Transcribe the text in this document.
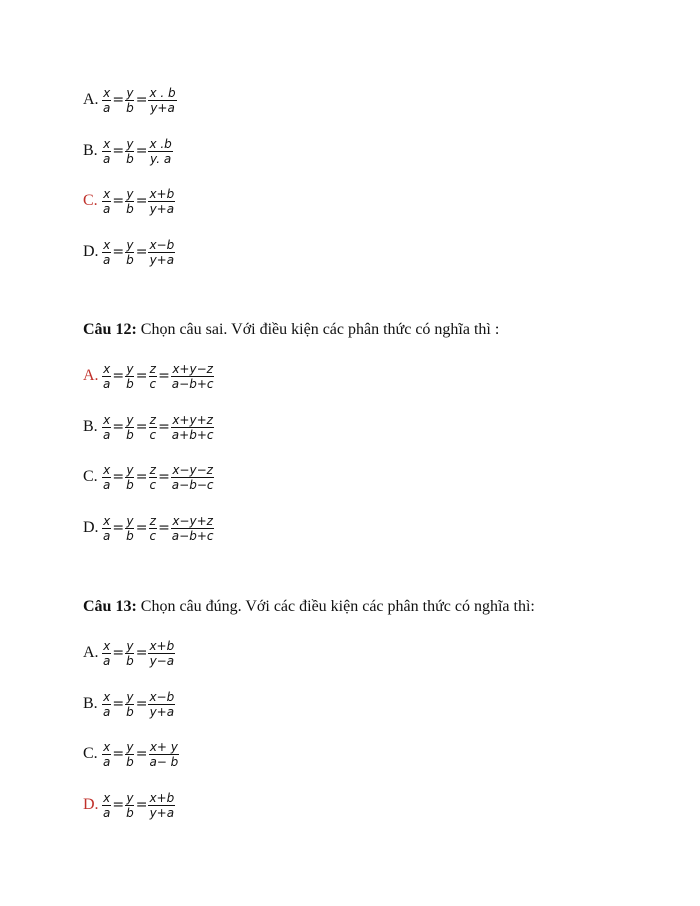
A. $\frac{x}{a} = \frac{y}{b} = \frac{x . b}{y+a}$
B. $\frac{x}{a} = \frac{y}{b} = \frac{x .b}{y. a}$
C. $\frac{x}{a} = \frac{y}{b} = \frac{x+b}{y+a}$
D. $\frac{x}{a} = \frac{y}{b} = \frac{x-b}{y+a}$
Câu 12: Chọn câu sai. Với điều kiện các phân thức có nghĩa thì :
A. $\frac{x}{a} = \frac{y}{b} = \frac{z}{c} = \frac{x+y-z}{a-b+c}$
B. $\frac{x}{a} = \frac{y}{b} = \frac{z}{c} = \frac{x+y+z}{a+b+c}$
C. $\frac{x}{a} = \frac{y}{b} = \frac{z}{c} = \frac{x-y-z}{a-b-c}$
D. $\frac{x}{a} = \frac{y}{b} = \frac{z}{c} = \frac{x-y+z}{a-b+c}$
Câu 13: Chọn câu đúng. Với các điều kiện các phân thức có nghĩa thì:
A. $\frac{x}{a} = \frac{y}{b} = \frac{x+b}{y-a}$
B. $\frac{x}{a} = \frac{y}{b} = \frac{x-b}{y+a}$
C. $\frac{x}{a} = \frac{y}{b} = \frac{x+ y}{a- b}$
D. $\frac{x}{a} = \frac{y}{b} = \frac{x+b}{y+a}$
